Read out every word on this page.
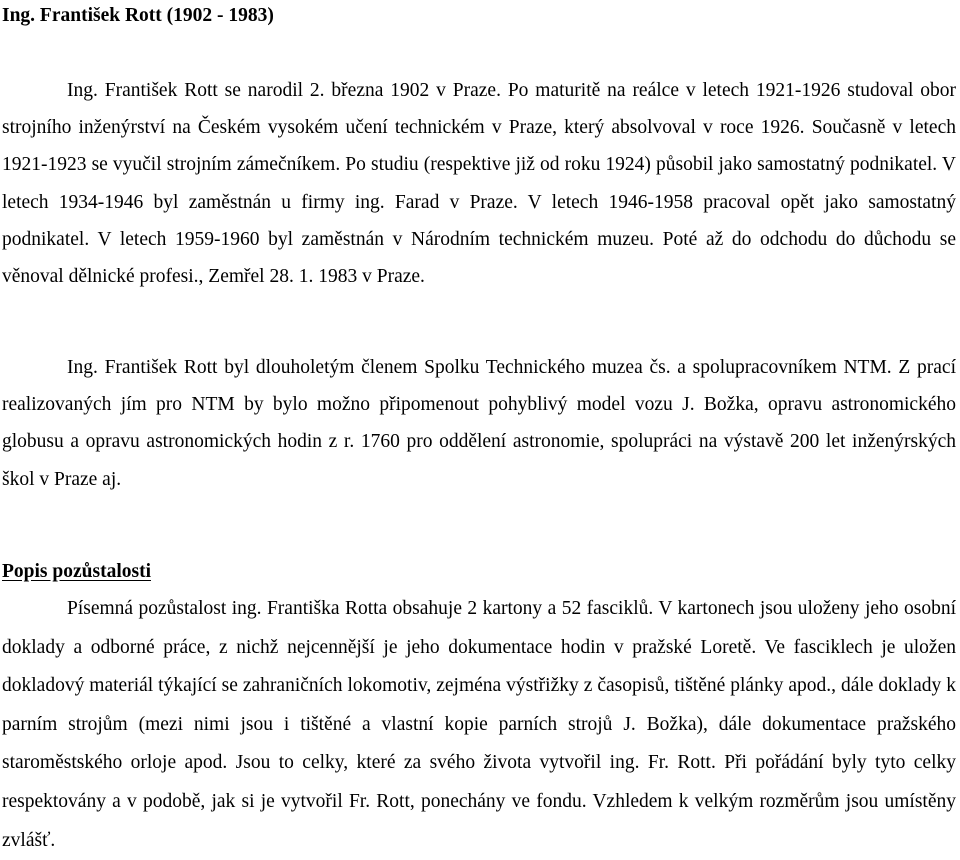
Ing. František Rott (1902 - 1983)

Ing. František Rott se narodil 2. března 1902 v Praze. Po maturitě na reálce v letech 1921-1926 studoval obor strojního inženýrství na Českém vysokém učení technickém v Praze, který absolvoval v roce 1926. Současně v letech 1921-1923 se vyučil strojním zámečníkem. Po studiu (respektive již od roku 1924) působil jako samostatný podnikatel. V letech 1934-1946 byl zaměstnán u firmy ing. Farad v Praze. V letech 1946-1958 pracoval opět jako samostatný podnikatel. V letech 1959-1960 byl zaměstnán v Národním technickém muzeu. Poté až do odchodu do důchodu se věnoval dělnické profesi., Zemřel 28. 1. 1983 v Praze.

Ing. František Rott byl dlouholetým členem Spolku Technického muzea čs. a spolupracovníkem NTM. Z prací realizovaných jím pro NTM by bylo možno připomenout pohyblivý model vozu J. Božka, opravu astronomického globusu a opravu astronomických hodin z r. 1760 pro oddělení astronomie, spolupráci na výstavě 200 let inženýrských škol v Praze aj.

Popis pozůstalosti

Písemná pozůstalost ing. Františka Rotta obsahuje 2 kartony a 52 fasciklů. V kartonech jsou uloženy jeho osobní doklady a odborné práce, z nichž nejcennější je jeho dokumentace hodin v pražské Loretě. Ve fasciklech je uložen dokladový materiál týkající se zahraničních lokomotiv, zejména výstřižky z časopisů, tištěné plánky apod., dále doklady k parním strojům (mezi nimi jsou i tištěné a vlastní kopie parních strojů J. Božka), dále dokumentace pražského staroměstského orloje apod. Jsou to celky, které za svého života vytvořil ing. Fr. Rott. Při pořádání byly tyto celky respektovány a v podobě, jak si je vytvořil Fr. Rott, ponechány ve fondu. Vzhledem k velkým rozměrům jsou umístěny zvlášť.
